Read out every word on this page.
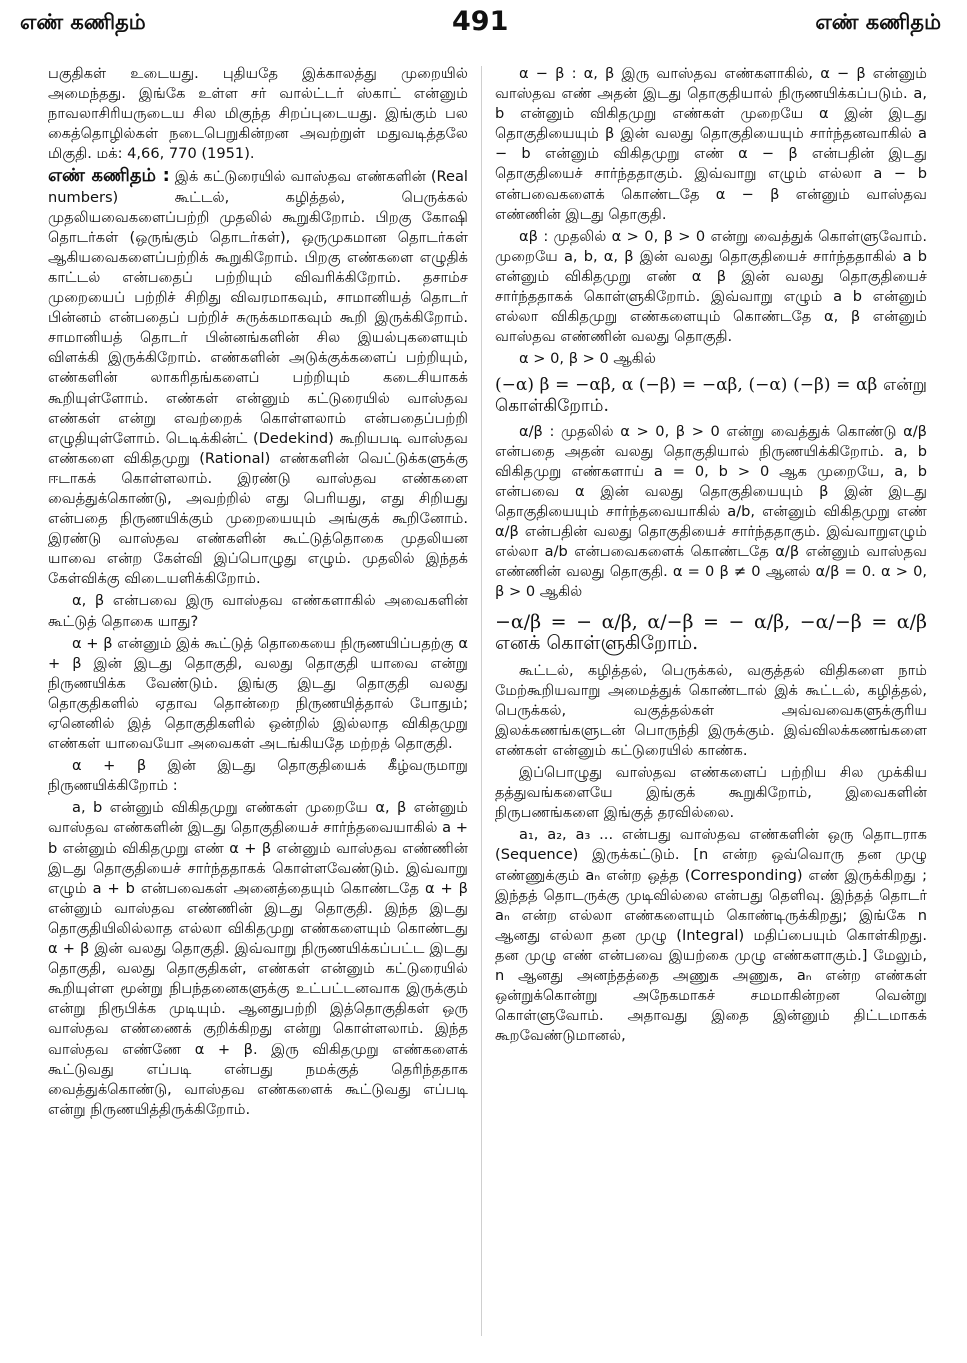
எண் கணிதம்	491	எண் கணிதம்

பகுதிகள் உடையது. புதியதே இக்காலத்து முறையில் அமைந்தது. இங்கே உள்ள சர் வால்ட்டர் ஸ்காட் என்னும் நாவலாசிரியருடைய சில மிகுந்த சிறப்புடையது. இங்கும் பல கைத்தொழில்கள் நடைபெறுகின்றன அவற்றுள் மதுவடித்தலே மிகுதி. மக்: 4,66, 770 (1951).

எண் கணிதம் : இக் கட்டுரையில் வாஸ்தவ எண்களின் (Real numbers) கூட்டல், கழித்தல், பெருக்கல் முதலியவைகளைப்பற்றி முதலில் கூறுகிறோம். பிறகு கோஷி தொடர்கள் (ஒருங்கும் தொடர்கள்), ஒருமுகமான தொடர்கள் ஆகியவைகளைப்பற்றிக் கூறுகிறோம். பிறகு எண்களை எழுதிக் காட்டல் என்பதைப் பற்றியும் விவரிக்கிறோம். தசாம்ச முறையைப் பற்றிச் சிறிது விவரமாகவும், சாமானியத் தொடர் பின்னம் என்பதைப் பற்றிச் சுருக்கமாகவும் கூறி இருக்கிறோம். சாமானியத் தொடர் பின்னங்களின் சில இயல்புகளையும் விளக்கி இருக்கிறோம். எண்களின் அடுக்குக்களைப் பற்றியும், எண்களின் லாகரிதங்களைப் பற்றியும் கடைசியாகக் கூறியுள்ளோம். எண்கள் என்னும் கட்டுரையில் வாஸ்தவ எண்கள் என்று எவற்றைக் கொள்ளலாம் என்பதைப்பற்றி எழுதியுள்ளோம். டெடிக்கின்ட் (Dedekind) கூறியபடி வாஸ்தவ எண்களை விகிதமுறு (Rational) எண்களின் வெட்டுக்களுக்கு ஈடாகக் கொள்ளலாம். இரண்டு வாஸ்தவ எண்களை வைத்துக்கொண்டு, அவற்றில் எது பெரியது, எது சிறியது என்பதை நிருணயிக்கும் முறையையும் அங்குக் கூறினோம். இரண்டு வாஸ்தவ எண்களின் கூட்டுத்தொகை முதலியன யாவை என்ற கேள்வி இப்பொழுது எழும். முதலில் இந்தக் கேள்விக்கு விடையளிக்கிறோம்.

α, β என்பவை இரு வாஸ்தவ எண்களாகில் அவைகளின் கூட்டுத் தொகை யாது?

α + β என்னும் இக் கூட்டுத் தொகையை நிருணயிப்பதற்கு α + β இன் இடது தொகுதி, வலது தொகுதி யாவை என்று நிருணயிக்க வேண்டும். இங்கு இடது தொகுதி வலது தொகுதிகளில் ஏதாவ தொன்றை நிருணயித்தால் போதும்; ஏனெனில் இத் தொகுதிகளில் ஒன்றில் இல்லாத விகிதமுறு எண்கள் யாவையோ அவைகள் அடங்கியதே மற்றத் தொகுதி.

α + β இன் இடது தொகுதியைக் கீழ்வருமாறு நிருணயிக்கிறோம் :

a, b என்னும் விகிதமுறு எண்கள் முறையே α, β என்னும் வாஸ்தவ எண்களின் இடது தொகுதியைச் சார்ந்தவையாகில் a + b என்னும் விகிதமுறு எண் α + β என்னும் வாஸ்தவ எண்ணின் இடது தொகுதியைச் சார்ந்ததாகக் கொள்ளவேண்டும். இவ்வாறு எழும் a + b என்பவைகள் அனைத்தையும் கொண்டதே α + β என்னும் வாஸ்தவ எண்ணின் இடது தொகுதி. இந்த இடது தொகுதியிலில்லாத எல்லா விகிதமுறு எண்களையும் கொண்டது α + β இன் வலது தொகுதி. இவ்வாறு நிருணயிக்கப்பட்ட இடது தொகுதி, வலது தொகுதிகள், எண்கள் என்னும் கட்டுரையில் கூறியுள்ள மூன்று நிபந்தனைகளுக்கு உட்பட்டனவாக இருக்கும் என்று நிரூபிக்க முடியும். ஆனதுபற்றி இத்தொகுதிகள் ஒரு வாஸ்தவ எண்ணைக் குறிக்கிறது என்று கொள்ளலாம். இந்த வாஸ்தவ எண்ணே α + β. இரு விகிதமுறு எண்களைக் கூட்டுவது எப்படி என்பது நமக்குத் தெரிந்ததாக வைத்துக்கொண்டு, வாஸ்தவ எண்களைக் கூட்டுவது எப்படி என்று நிருணயித்திருக்கிறோம்.

α − β : α, β இரு வாஸ்தவ எண்களாகில், α − β என்னும் வாஸ்தவ எண் அதன் இடது தொகுதியால் நிருணயிக்கப்படும். a, b என்னும் விகிதமுறு எண்கள் முறையே α இன் இடது தொகுதியையும் β இன் வலது தொகுதியையும் சார்ந்தனவாகில் a − b என்னும் விகிதமுறு எண் α − β என்பதின் இடது தொகுதியைச் சார்ந்ததாகும். இவ்வாறு எழும் எல்லா a − b என்பவைகளைக் கொண்டதே α − β என்னும் வாஸ்தவ எண்ணின் இடது தொகுதி.

αβ : முதலில் α > 0, β > 0 என்று வைத்துக் கொள்ளுவோம். முறையே a, b, α, β இன் வலது தொகுதியைச் சார்ந்ததாகில் a b என்னும் விகிதமுறு எண் α β இன் வலது தொகுதியைச் சார்ந்ததாகக் கொள்ளுகிறோம். இவ்வாறு எழும் a b என்னும் எல்லா விகிதமுறு எண்களையும் கொண்டதே α, β என்னும் வாஸ்தவ எண்ணின் வலது தொகுதி.

α > 0, β > 0 ஆகில்

(−α) β = −αβ, α (−β) = −αβ, (−α) (−β) = αβ என்று கொள்கிறோம்.

α/β : முதலில் α > 0, β > 0 என்று வைத்துக் கொண்டு α/β என்பதை அதன் வலது தொகுதியால் நிருணயிக்கிறோம். a, b விகிதமுறு எண்களாய் a = 0, b > 0 ஆக முறையே, a, b என்பவை α இன் வலது தொகுதியையும் β இன் இடது தொகுதியையும் சார்ந்தவையாகில் a/b, என்னும் விகிதமுறு எண் α/β என்பதின் வலது தொகுதியைச் சார்ந்ததாகும். இவ்வாறுஎழும் எல்லா a/b என்பவைகளைக் கொண்டதே α/β என்னும் வாஸ்தவ எண்ணின் வலது தொகுதி. α = 0 β ≠ 0 ஆனல் α/β = 0. α > 0, β > 0 ஆகில்

−α/β = − α/β, α/−β = − α/β, −α/−β = α/β எனக் கொள்ளுகிறோம்.

கூட்டல், கழித்தல், பெருக்கல், வகுத்தல் விதிகளை நாம் மேற்கூறியவாறு அமைத்துக் கொண்டால் இக் கூட்டல், கழித்தல், பெருக்கல், வகுத்தல்கள் அவ்வவைகளுக்குரிய இலக்கணங்களுடன் பொருந்தி இருக்கும். இவ்விலக்கணங்களை எண்கள் என்னும் கட்டுரையில் காண்க.

இப்பொழுது வாஸ்தவ எண்களைப் பற்றிய சில முக்கிய தத்துவங்களையே இங்குக் கூறுகிறோம், இவைகளின் நிருபணங்களை இங்குத் தரவில்லை.

a₁, a₂, a₃ ... என்பது வாஸ்தவ எண்களின் ஒரு தொடராக (Sequence) இருக்கட்டும். [n என்ற ஒவ்வொரு தன முழு எண்ணுக்கும் aₙ என்ற ஒத்த (Corresponding) எண் இருக்கிறது ; இந்தத் தொடருக்கு முடிவில்லை என்பது தெளிவு. இந்தத் தொடர் aₙ என்ற எல்லா எண்களையும் கொண்டிருக்கிறது; இங்கே n ஆனது எல்லா தன முழு (Integral) மதிப்பையும் கொள்கிறது. தன முழு எண் என்பவை இயற்கை முழு எண்களாகும்.] மேலும், n ஆனது அனந்தத்தை அணுக அணுக, aₙ என்ற எண்கள் ஒன்றுக்கொன்று அநேகமாகச் சமமாகின்றன வென்று கொள்ளுவோம். அதாவது இதை இன்னும் திட்டமாகக் கூறவேண்டுமானல்,
